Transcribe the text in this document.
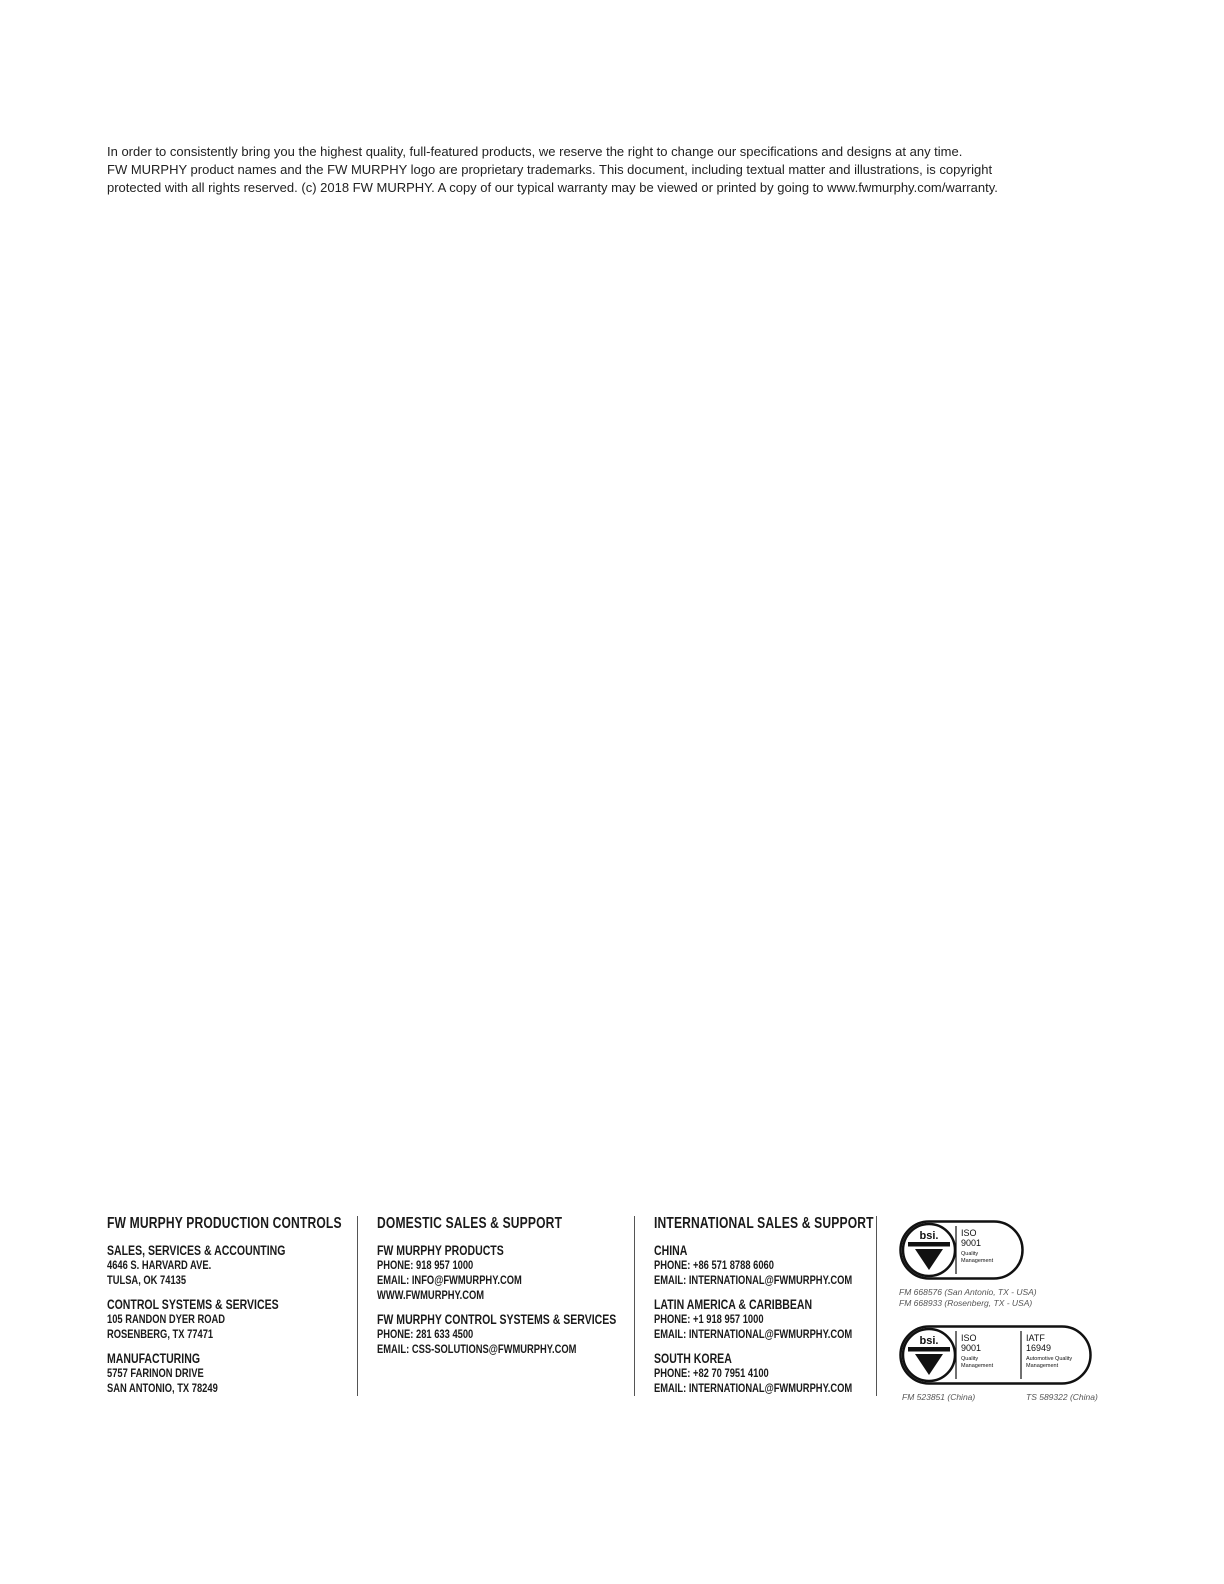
In order to consistently bring you the highest quality, full-featured products, we reserve the right to change our specifications and designs at any time.

FW MURPHY product names and the FW MURPHY logo are proprietary trademarks. This document, including textual matter and illustrations, is copyright

protected with all rights reserved. (c) 2018 FW MURPHY. A copy of our typical warranty may be viewed or printed by going to www.fwmurphy.com/warranty.

FW MURPHY PRODUCTION CONTROLS
SALES, SERVICES & ACCOUNTING
4646 S. HARVARD AVE.
TULSA, OK 74135
CONTROL SYSTEMS & SERVICES
105 RANDON DYER ROAD
ROSENBERG, TX 77471
MANUFACTURING
5757 FARINON DRIVE
SAN ANTONIO, TX 78249
DOMESTIC SALES & SUPPORT
FW MURPHY PRODUCTS
PHONE: 918 957 1000
EMAIL: INFO@FWMURPHY.COM
WWW.FWMURPHY.COM
FW MURPHY CONTROL SYSTEMS & SERVICES
PHONE: 281 633 4500
EMAIL: CSS-SOLUTIONS@FWMURPHY.COM
INTERNATIONAL SALES & SUPPORT
CHINA
PHONE: +86 571 8788 6060
EMAIL: INTERNATIONAL@FWMURPHY.COM
LATIN AMERICA & CARIBBEAN
PHONE: +1 918 957 1000
EMAIL: INTERNATIONAL@FWMURPHY.COM
SOUTH KOREA
PHONE: +82 70 7951 4100
EMAIL: INTERNATIONAL@FWMURPHY.COM
bsi.	ISO
9001
Quality
Management
FM 668576 (San Antonio, TX - USA)
FM 668933 (Rosenberg, TX - USA)
bsi.	ISO
9001
Quality
Management
IATF
16949
Automotive Quality
Management
FM 523851 (China)	TS 589322 (China)
